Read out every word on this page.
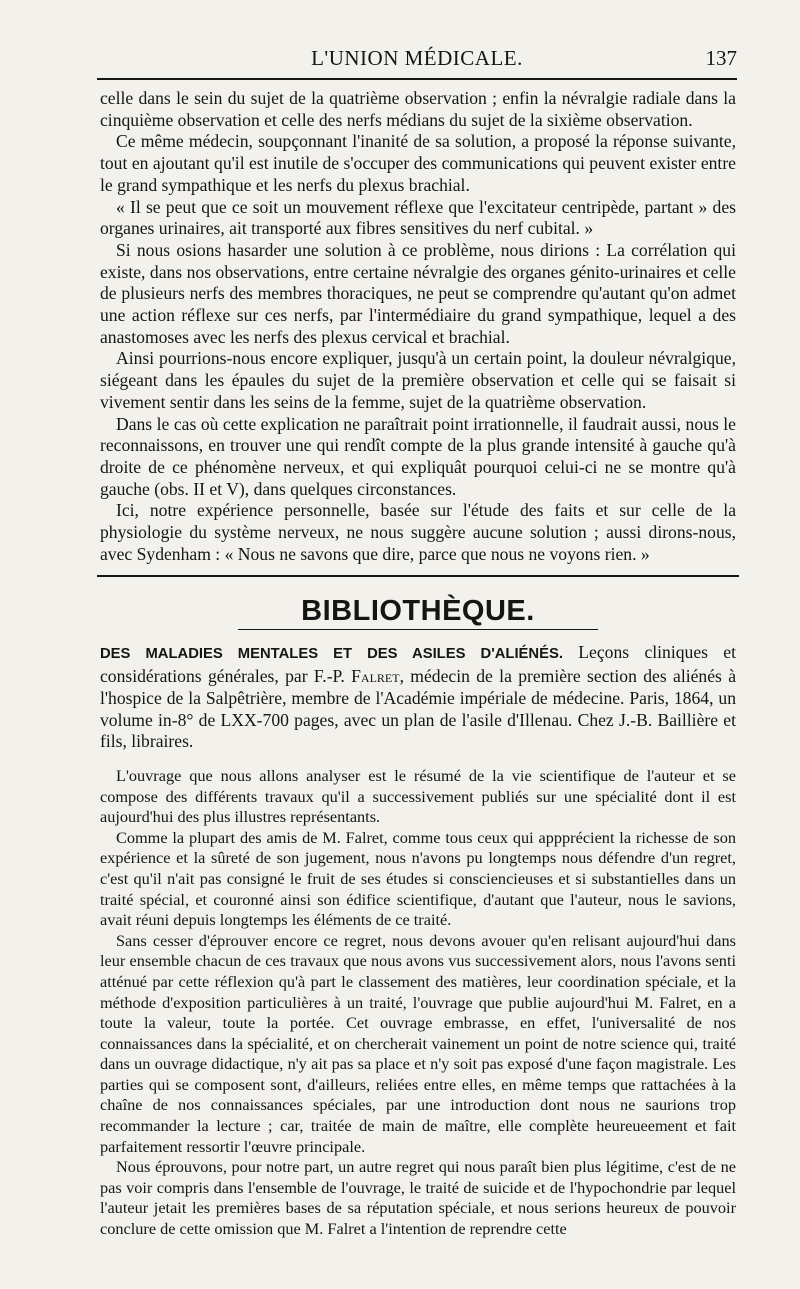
L'UNION MÉDICALE.	137

celle dans le sein du sujet de la quatrième observation ; enfin la névralgie radiale dans la cinquième observation et celle des nerfs médians du sujet de la sixième observation.

Ce même médecin, soupçonnant l'inanité de sa solution, a proposé la réponse suivante, tout en ajoutant qu'il est inutile de s'occuper des communications qui peuvent exister entre le grand sympathique et les nerfs du plexus brachial.

« Il se peut que ce soit un mouvement réflexe que l'excitateur centripède, partant » des organes urinaires, ait transporté aux fibres sensitives du nerf cubital. »

Si nous osions hasarder une solution à ce problème, nous dirions : La corrélation qui existe, dans nos observations, entre certaine névralgie des organes génito-urinaires et celle de plusieurs nerfs des membres thoraciques, ne peut se comprendre qu'autant qu'on admet une action réflexe sur ces nerfs, par l'intermédiaire du grand sympathique, lequel a des anastomoses avec les nerfs des plexus cervical et brachial.

Ainsi pourrions-nous encore expliquer, jusqu'à un certain point, la douleur névralgique, siégeant dans les épaules du sujet de la première observation et celle qui se faisait si vivement sentir dans les seins de la femme, sujet de la quatrième observation.

Dans le cas où cette explication ne paraîtrait point irrationnelle, il faudrait aussi, nous le reconnaissons, en trouver une qui rendît compte de la plus grande intensité à gauche qu'à droite de ce phénomène nerveux, et qui expliquât pourquoi celui-ci ne se montre qu'à gauche (obs. II et V), dans quelques circonstances.

Ici, notre expérience personnelle, basée sur l'étude des faits et sur celle de la physiologie du système nerveux, ne nous suggère aucune solution ; aussi dirons-nous, avec Sydenham : « Nous ne savons que dire, parce que nous ne voyons rien. »

BIBLIOTHÈQUE.

DES MALADIES MENTALES ET DES ASILES D'ALIÉNÉS. Leçons cliniques et considérations générales, par F.-P. Falret, médecin de la première section des aliénés à l'hospice de la Salpêtrière, membre de l'Académie impériale de médecine. Paris, 1864, un volume in-8° de LXX-700 pages, avec un plan de l'asile d'Illenau. Chez J.-B. Baillière et fils, libraires.

L'ouvrage que nous allons analyser est le résumé de la vie scientifique de l'auteur et se compose des différents travaux qu'il a successivement publiés sur une spécialité dont il est aujourd'hui des plus illustres représentants.

Comme la plupart des amis de M. Falret, comme tous ceux qui appprécient la richesse de son expérience et la sûreté de son jugement, nous n'avons pu longtemps nous défendre d'un regret, c'est qu'il n'ait pas consigné le fruit de ses études si consciencieuses et si substantielles dans un traité spécial, et couronné ainsi son édifice scientifique, d'autant que l'auteur, nous le savions, avait réuni depuis longtemps les éléments de ce traité.

Sans cesser d'éprouver encore ce regret, nous devons avouer qu'en relisant aujourd'hui dans leur ensemble chacun de ces travaux que nous avons vus successivement alors, nous l'avons senti atténué par cette réflexion qu'à part le classement des matières, leur coordination spéciale, et la méthode d'exposition particulières à un traité, l'ouvrage que publie aujourd'hui M. Falret, en a toute la valeur, toute la portée. Cet ouvrage embrasse, en effet, l'universalité de nos connaissances dans la spécialité, et on chercherait vainement un point de notre science qui, traité dans un ouvrage didactique, n'y ait pas sa place et n'y soit pas exposé d'une façon magistrale. Les parties qui se composent sont, d'ailleurs, reliées entre elles, en même temps que rattachées à la chaîne de nos connaissances spéciales, par une introduction dont nous ne saurions trop recommander la lecture ; car, traitée de main de maître, elle complète heureueement et fait parfaitement ressortir l'œuvre principale.

Nous éprouvons, pour notre part, un autre regret qui nous paraît bien plus légitime, c'est de ne pas voir compris dans l'ensemble de l'ouvrage, le traité de suicide et de l'hypochondrie par lequel l'auteur jetait les premières bases de sa réputation spéciale, et nous serions heureux de pouvoir conclure de cette omission que M. Falret a l'intention de reprendre cette
